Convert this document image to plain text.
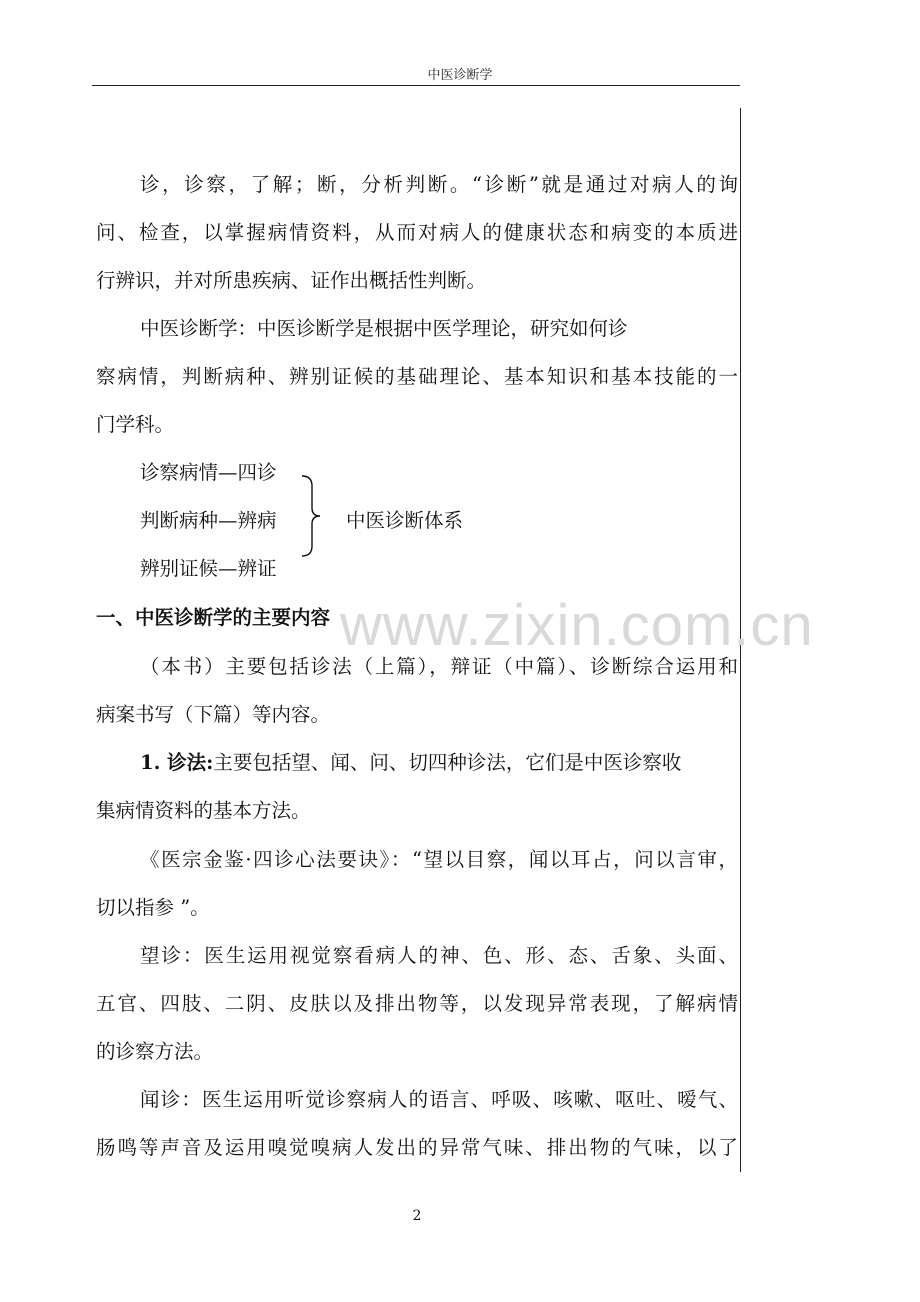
中医诊断学
www.zixin.com.cn
诊，诊察，了解；断，分析判断。“诊断”就是通过对病人的询
问、检查，以掌握病情资料，从而对病人的健康状态和病变的本质进
行辨识，并对所患疾病、证作出概括性判断。
中医诊断学：中医诊断学是根据中医学理论，研究如何诊
察病情，判断病种、辨别证候的基础理论、基本知识和基本技能的一
门学科。
诊察病情—四诊
判断病种—辨病
辨别证候—辨证
中医诊断体系
一、中医诊断学的主要内容
（本书）主要包括诊法（上篇），辩证（中篇）、诊断综合运用和
病案书写（下篇）等内容。
1. 诊法:主要包括望、闻、问、切四种诊法，它们是中医诊察收
集病情资料的基本方法。
《医宗金鉴·四诊心法要诀》：“望以目察，闻以耳占，问以言审，
切以指参 ”。
望诊：医生运用视觉察看病人的神、色、形、态、舌象、头面、
五官、四肢、二阴、皮肤以及排出物等，以发现异常表现，了解病情
的诊察方法。
闻诊：医生运用听觉诊察病人的语言、呼吸、咳嗽、呕吐、嗳气、
肠鸣等声音及运用嗅觉嗅病人发出的异常气味、排出物的气味，以了
2
